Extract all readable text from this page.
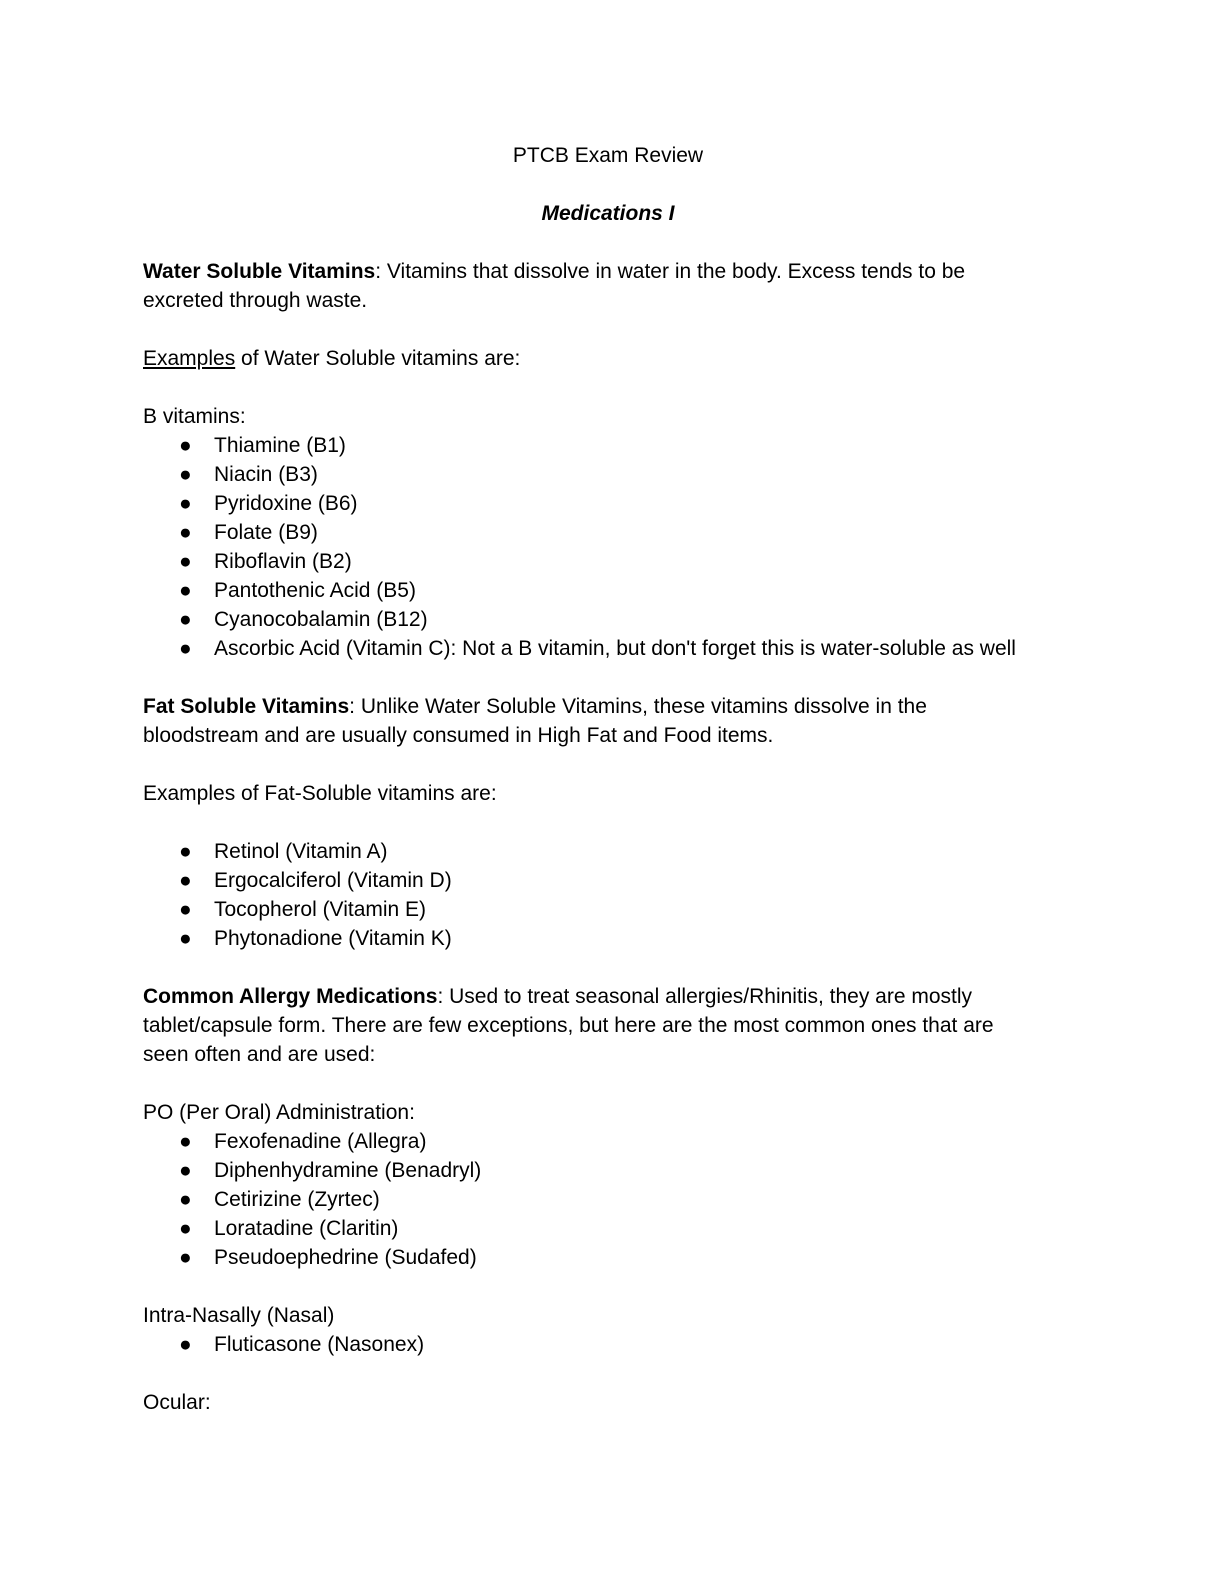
PTCB Exam Review
Medications I

Water Soluble Vitamins: Vitamins that dissolve in water in the body. Excess tends to be

excreted through waste.

Examples of Water Soluble vitamins are:

B vitamins:

● Thiamine (B1)
● Niacin (B3)
● Pyridoxine (B6)
● Folate (B9)
● Riboflavin (B2)
● Pantothenic Acid (B5)
● Cyanocobalamin (B12)
● Ascorbic Acid (Vitamin C): Not a B vitamin, but don't forget this is water-soluble as well

Fat Soluble Vitamins: Unlike Water Soluble Vitamins, these vitamins dissolve in the

bloodstream and are usually consumed in High Fat and Food items.

Examples of Fat-Soluble vitamins are:

● Retinol (Vitamin A)
● Ergocalciferol (Vitamin D)
● Tocopherol (Vitamin E)
● Phytonadione (Vitamin K)

Common Allergy Medications: Used to treat seasonal allergies/Rhinitis, they are mostly

tablet/capsule form. There are few exceptions, but here are the most common ones that are

seen often and are used:

PO (Per Oral) Administration:

● Fexofenadine (Allegra)
● Diphenhydramine (Benadryl)
● Cetirizine (Zyrtec)
● Loratadine (Claritin)
● Pseudoephedrine (Sudafed)

Intra-Nasally (Nasal)

● Fluticasone (Nasonex)

Ocular:
